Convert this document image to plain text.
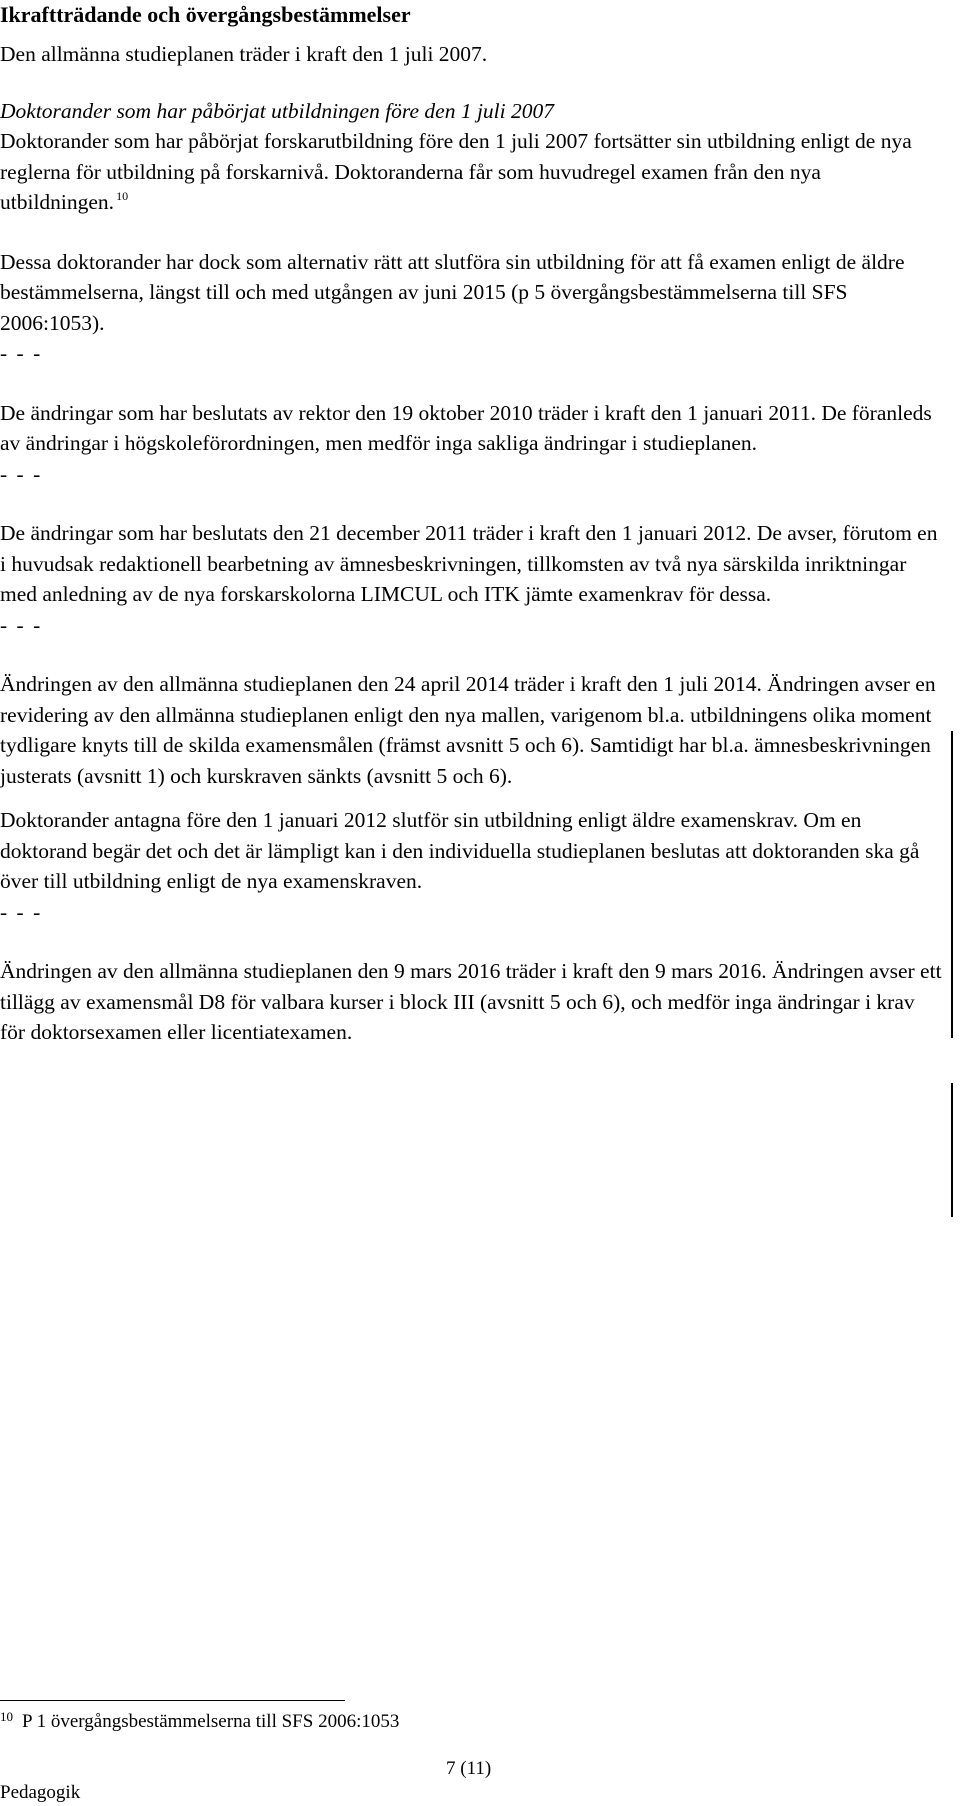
Ikraftträdande och övergångsbestämmelser

Den allmänna studieplanen träder i kraft den 1 juli 2007.

Doktorander som har påbörjat utbildningen före den 1 juli 2007

Doktorander som har påbörjat forskarutbildning före den 1 juli 2007 fortsätter sin utbildning enligt de nya reglerna för utbildning på forskarnivå. Doktoranderna får som huvudregel examen från den nya utbildningen. $^{10}$

Dessa doktorander har dock som alternativ rätt att slutföra sin utbildning för att få examen enligt de äldre bestämmelserna, längst till och med utgången av juni 2015 (p 5 övergångsbestämmelserna till SFS 2006:1053).

- - -

De ändringar som har beslutats av rektor den 19 oktober 2010 träder i kraft den 1 januari 2011. De föranleds av ändringar i högskoleförordningen, men medför inga sakliga ändringar i studieplanen.

- - -

De ändringar som har beslutats den 21 december 2011 träder i kraft den 1 januari 2012. De avser, förutom en i huvudsak redaktionell bearbetning av ämnesbeskrivningen, tillkomsten av två nya särskilda inriktningar med anledning av de nya forskarskolorna LIMCUL och ITK jämte examenkrav för dessa.

- - -

Ändringen av den allmänna studieplanen den 24 april 2014 träder i kraft den 1 juli 2014. Ändringen avser en revidering av den allmänna studieplanen enligt den nya mallen, varigenom bl.a. utbildningens olika moment tydligare knyts till de skilda examensmålen (främst avsnitt 5 och 6). Samtidigt har bl.a. ämnesbeskrivningen justerats (avsnitt 1) och kurskraven sänkts (avsnitt 5 och 6).

Doktorander antagna före den 1 januari 2012 slutför sin utbildning enligt äldre examenskrav. Om en doktorand begär det och det är lämpligt kan i den individuella studieplanen beslutas att doktoranden ska gå över till utbildning enligt de nya examenskraven.

- - -

Ändringen av den allmänna studieplanen den 9 mars 2016 träder i kraft den 9 mars 2016. Ändringen avser ett tillägg av examensmål D8 för valbara kurser i block III (avsnitt 5 och 6), och medför inga ändringar i krav för doktorsexamen eller licentiatexamen.

10 P 1 övergångsbestämmelserna till SFS 2006:1053
7 (11)
Pedagogik
